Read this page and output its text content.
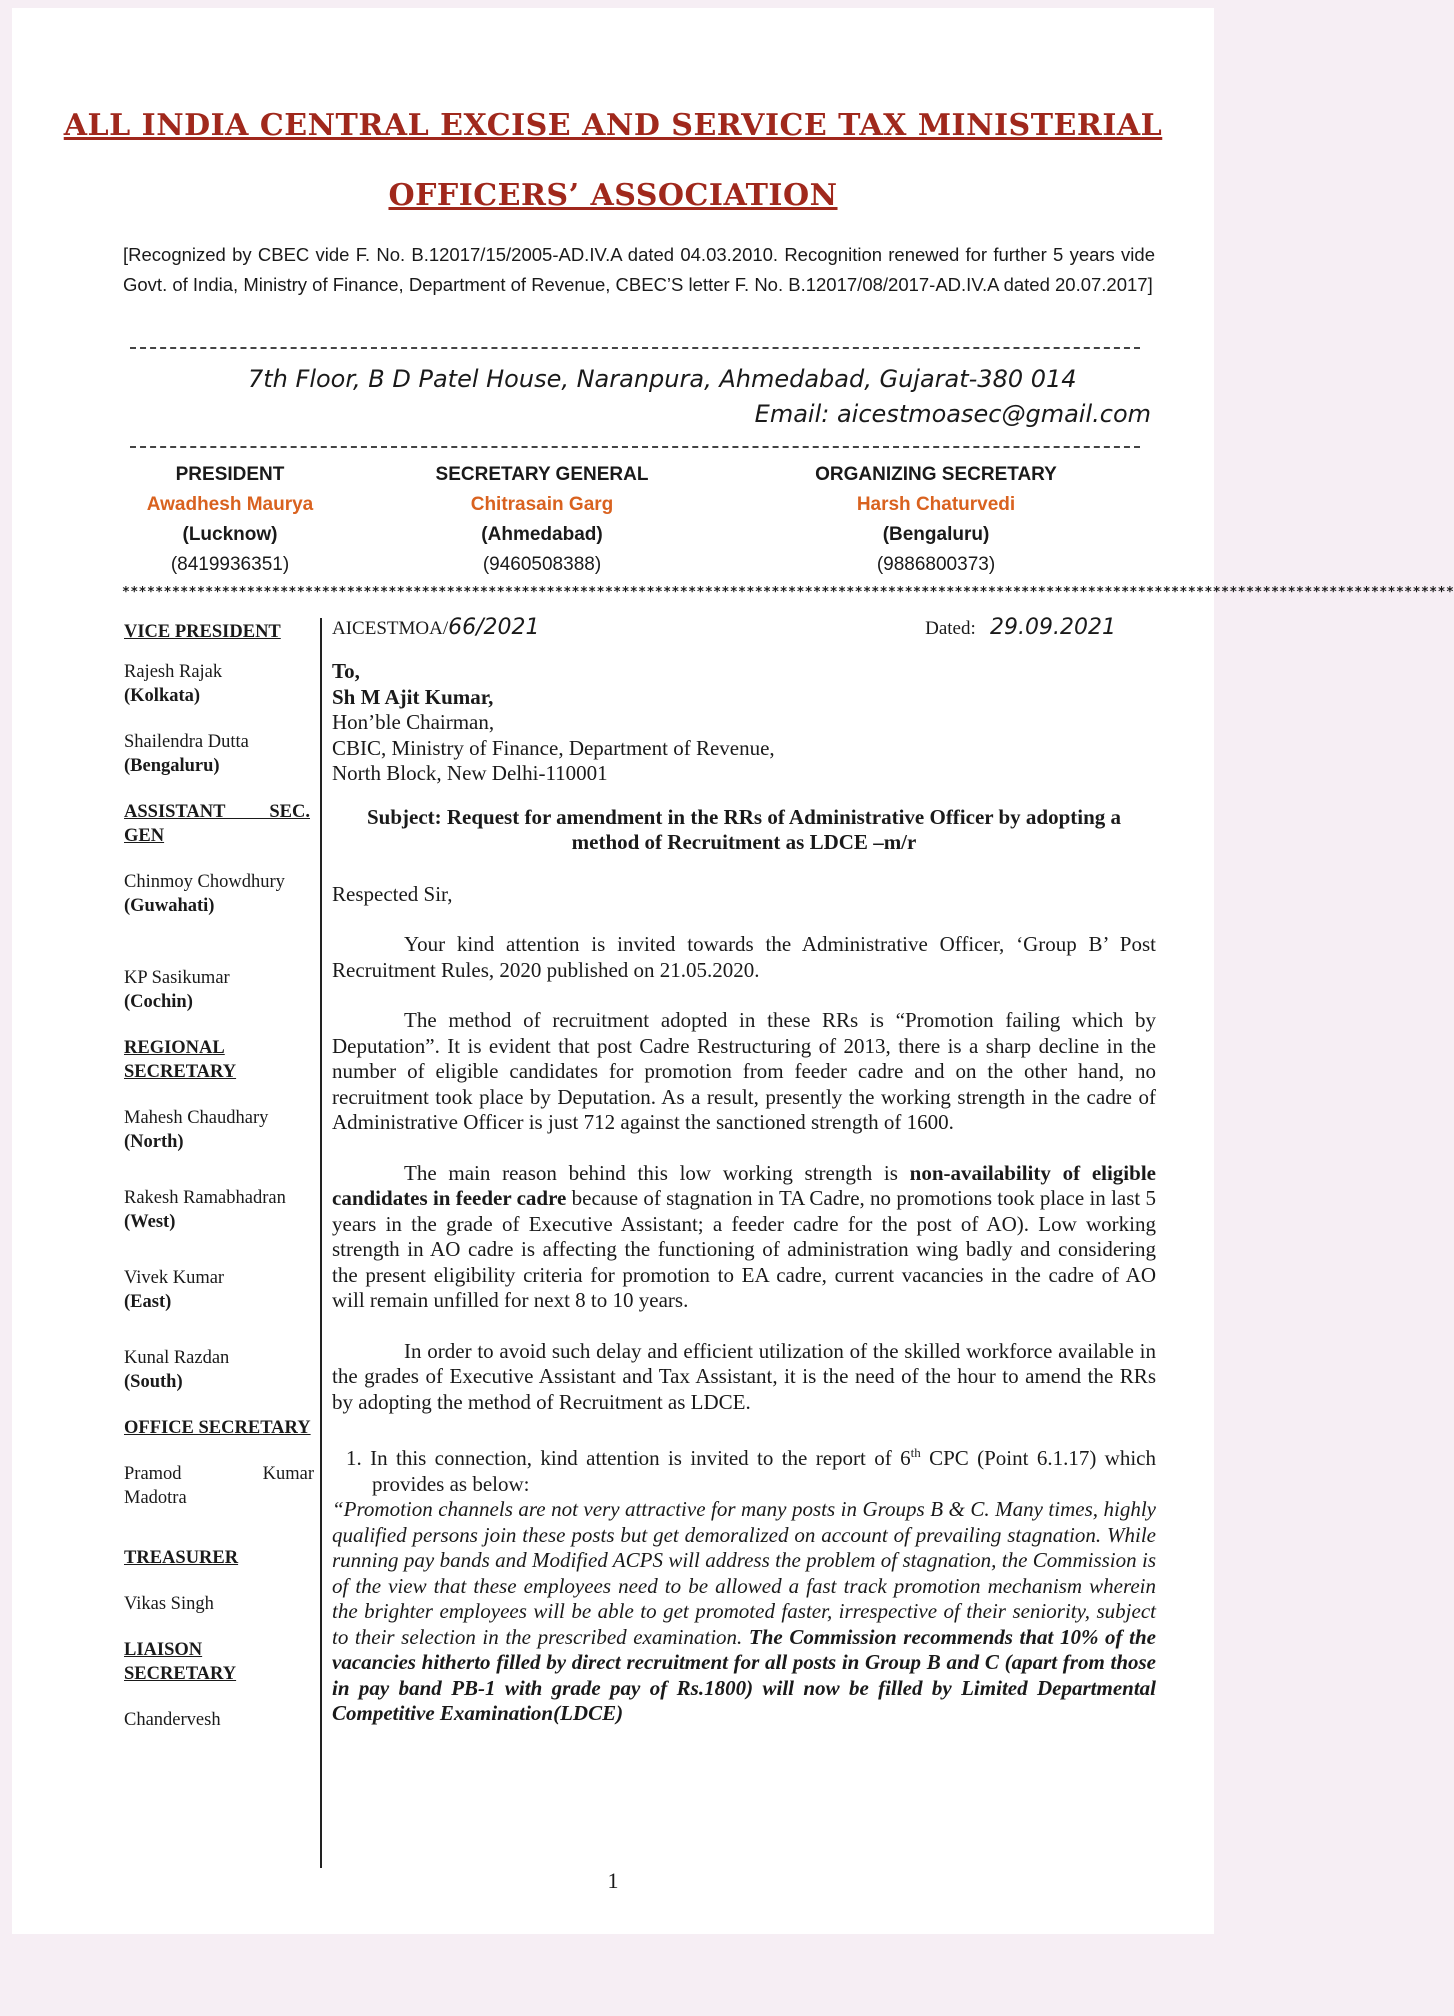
ALL INDIA CENTRAL EXCISE AND SERVICE TAX MINISTERIAL
OFFICERS’ ASSOCIATION
[Recognized by CBEC vide F. No. B.12017/15/2005-AD.IV.A dated 04.03.2010. Recognition renewed for further 5 years vide Govt. of India, Ministry of Finance, Department of Revenue, CBEC’S letter F. No. B.12017/08/2017-AD.IV.A dated 20.07.2017]
7th Floor, B D Patel House, Naranpura, Ahmedabad, Gujarat-380 014
Email: aicestmoasec@gmail.com
PRESIDENT
Awadhesh Maurya
(Lucknow)
(8419936351)
SECRETARY GENERAL
Chitrasain Garg
(Ahmedabad)
(9460508388)
ORGANIZING SECRETARY
Harsh Chaturvedi
(Bengaluru)
(9886800373)
****************************************************************************************************************************************************************

VICE PRESIDENT

Rajesh Rajak
(Kolkata)

Shailendra Dutta
(Bengaluru)

ASSISTANT SEC. GEN

Chinmoy Chowdhury
(Guwahati)

KP Sasikumar
(Cochin)

REGIONAL SECRETARY

Mahesh Chaudhary
(North)

Rakesh Ramabhadran
(West)

Vivek Kumar
(East)

Kunal Razdan
(South)

OFFICE SECRETARY

Pramod Kumar Madotra

TREASURER

Vikas Singh

LIAISON SECRETARY

Chandervesh

AICESTMOA/66/2021	Dated: 29.09.2021

To,

Sh M Ajit Kumar,

Hon’ble Chairman,

CBIC, Ministry of Finance, Department of Revenue,

North Block, New Delhi-110001

Subject: Request for amendment in the RRs of Administrative Officer by adopting a method of Recruitment as LDCE –m/r

Respected Sir,

Your kind attention is invited towards the Administrative Officer, ‘Group B’ Post Recruitment Rules, 2020 published on 21.05.2020.

The method of recruitment adopted in these RRs is “Promotion failing which by Deputation”. It is evident that post Cadre Restructuring of 2013, there is a sharp decline in the number of eligible candidates for promotion from feeder cadre and on the other hand, no recruitment took place by Deputation. As a result, presently the working strength in the cadre of Administrative Officer is just 712 against the sanctioned strength of 1600.

The main reason behind this low working strength is non-availability of eligible candidates in feeder cadre because of stagnation in TA Cadre, no promotions took place in last 5 years in the grade of Executive Assistant; a feeder cadre for the post of AO). Low working strength in AO cadre is affecting the functioning of administration wing badly and considering the present eligibility criteria for promotion to EA cadre, current vacancies in the cadre of AO will remain unfilled for next 8 to 10 years.

In order to avoid such delay and efficient utilization of the skilled workforce available in the grades of Executive Assistant and Tax Assistant, it is the need of the hour to amend the RRs by adopting the method of Recruitment as LDCE.

1. In this connection, kind attention is invited to the report of 6th CPC (Point 6.1.17) which provides as below:

“Promotion channels are not very attractive for many posts in Groups B & C. Many times, highly qualified persons join these posts but get demoralized on account of prevailing stagnation. While running pay bands and Modified ACPS will address the problem of stagnation, the Commission is of the view that these employees need to be allowed a fast track promotion mechanism wherein the brighter employees will be able to get promoted faster, irrespective of their seniority, subject to their selection in the prescribed examination. The Commission recommends that 10% of the vacancies hitherto filled by direct recruitment for all posts in Group B and C (apart from those in pay band PB-1 with grade pay of Rs.1800) will now be filled by Limited Departmental Competitive Examination(LDCE)

1
